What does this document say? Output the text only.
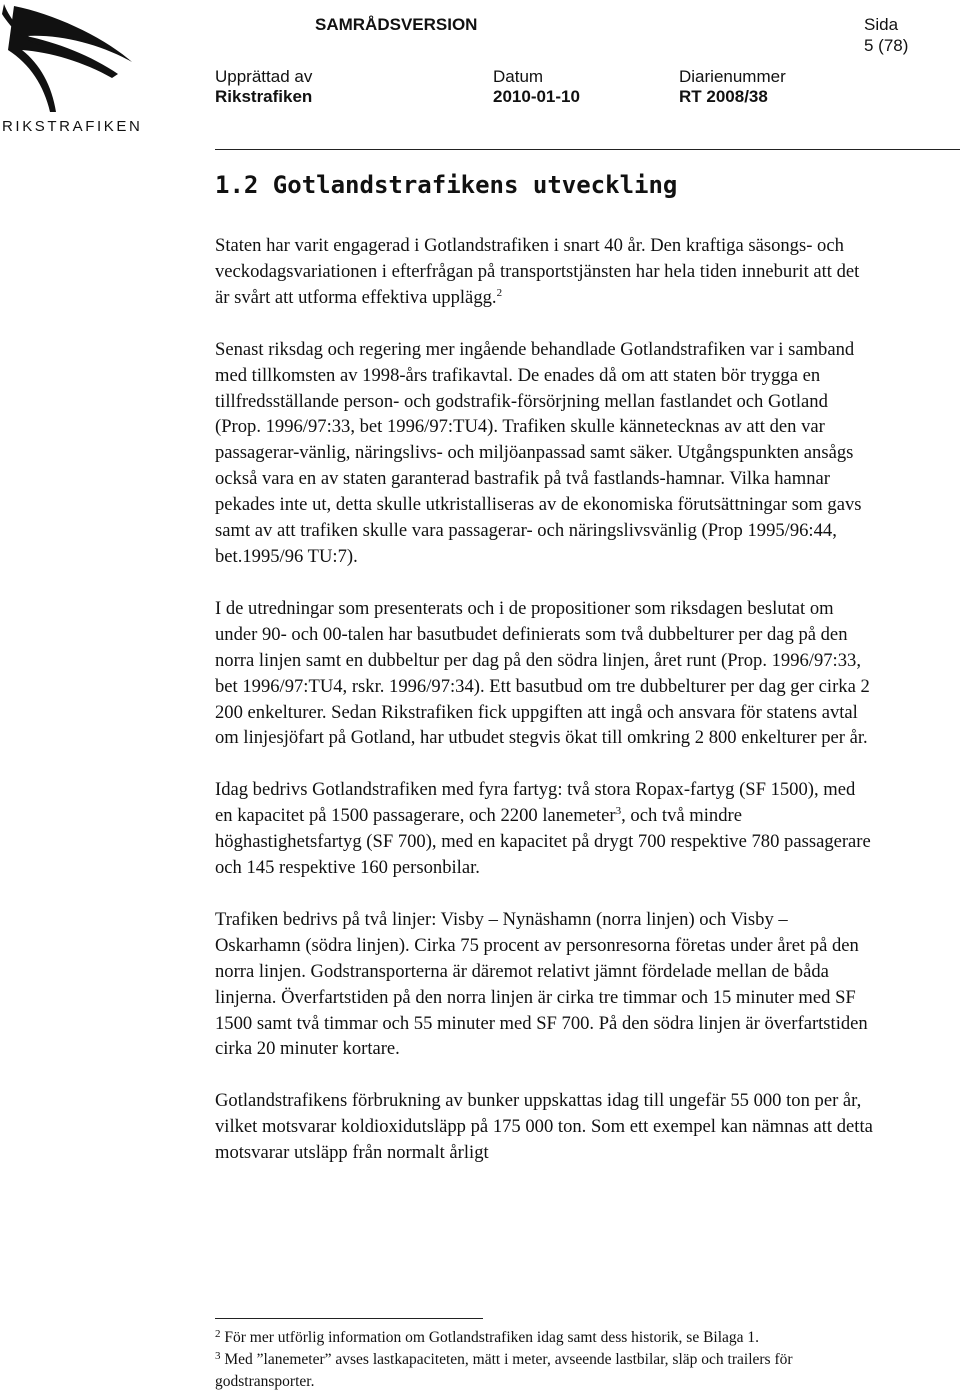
RIKSTRAFIKEN
SAMRÅDSVERSION	Sida
5 (78)
Upprättad av
Rikstrafiken
Datum
2010-01-10
Diarienummer
RT 2008/38
1.2 Gotlandstrafikens utveckling

Staten har varit engagerad i Gotlandstrafiken i snart 40 år. Den kraftiga säsongs- och veckodagsvariationen i efterfrågan på transportstjänsten har hela tiden inneburit att det är svårt att utforma effektiva upplägg.$^2$

Senast riksdag och regering mer ingående behandlade Gotlandstrafiken var i samband med tillkomsten av 1998-års trafikavtal. De enades då om att staten bör trygga en tillfredsställande person- och godstrafik-försörjning mellan fastlandet och Gotland (Prop. 1996/97:33, bet 1996/97:TU4). Trafiken skulle kännetecknas av att den var passagerar-vänlig, näringslivs- och miljöanpassad samt säker. Utgångspunkten ansågs också vara en av staten garanterad bastrafik på två fastlands-hamnar. Vilka hamnar pekades inte ut, detta skulle utkristalliseras av de ekonomiska förutsättningar som gavs samt av att trafiken skulle vara passagerar- och näringslivsvänlig (Prop 1995/96:44, bet.1995/96 TU:7).

I de utredningar som presenterats och i de propositioner som riksdagen beslutat om under 90- och 00-talen har basutbudet definierats som två dubbelturer per dag på den norra linjen samt en dubbeltur per dag på den södra linjen, året runt (Prop. 1996/97:33, bet 1996/97:TU4, rskr. 1996/97:34). Ett basutbud om tre dubbelturer per dag ger cirka 2 200 enkelturer. Sedan Rikstrafiken fick uppgiften att ingå och ansvara för statens avtal om linjesjöfart på Gotland, har utbudet stegvis ökat till omkring 2 800 enkelturer per år.

Idag bedrivs Gotlandstrafiken med fyra fartyg: två stora Ropax-fartyg (SF 1500), med en kapacitet på 1500 passagerare, och 2200 lanemeter$^3$, och två mindre höghastighetsfartyg (SF 700), med en kapacitet på drygt 700 respektive 780 passagerare och 145 respektive 160 personbilar.

Trafiken bedrivs på två linjer: Visby – Nynäshamn (norra linjen) och Visby – Oskarhamn (södra linjen). Cirka 75 procent av personresorna företas under året på den norra linjen. Godstransporterna är däremot relativt jämnt fördelade mellan de båda linjerna. Överfartstiden på den norra linjen är cirka tre timmar och 15 minuter med SF 1500 samt två timmar och 55 minuter med SF 700. På den södra linjen är överfartstiden cirka 20 minuter kortare.

Gotlandstrafikens förbrukning av bunker uppskattas idag till ungefär 55 000 ton per år, vilket motsvarar koldioxidutsläpp på 175 000 ton. Som ett exempel kan nämnas att detta motsvarar utsläpp från normalt årligt

$^2$ För mer utförlig information om Gotlandstrafiken idag samt dess historik, se Bilaga 1.

$^3$ Med ”lanemeter” avses lastkapaciteten, mätt i meter, avseende lastbilar, släp och trailers för godstransporter.
